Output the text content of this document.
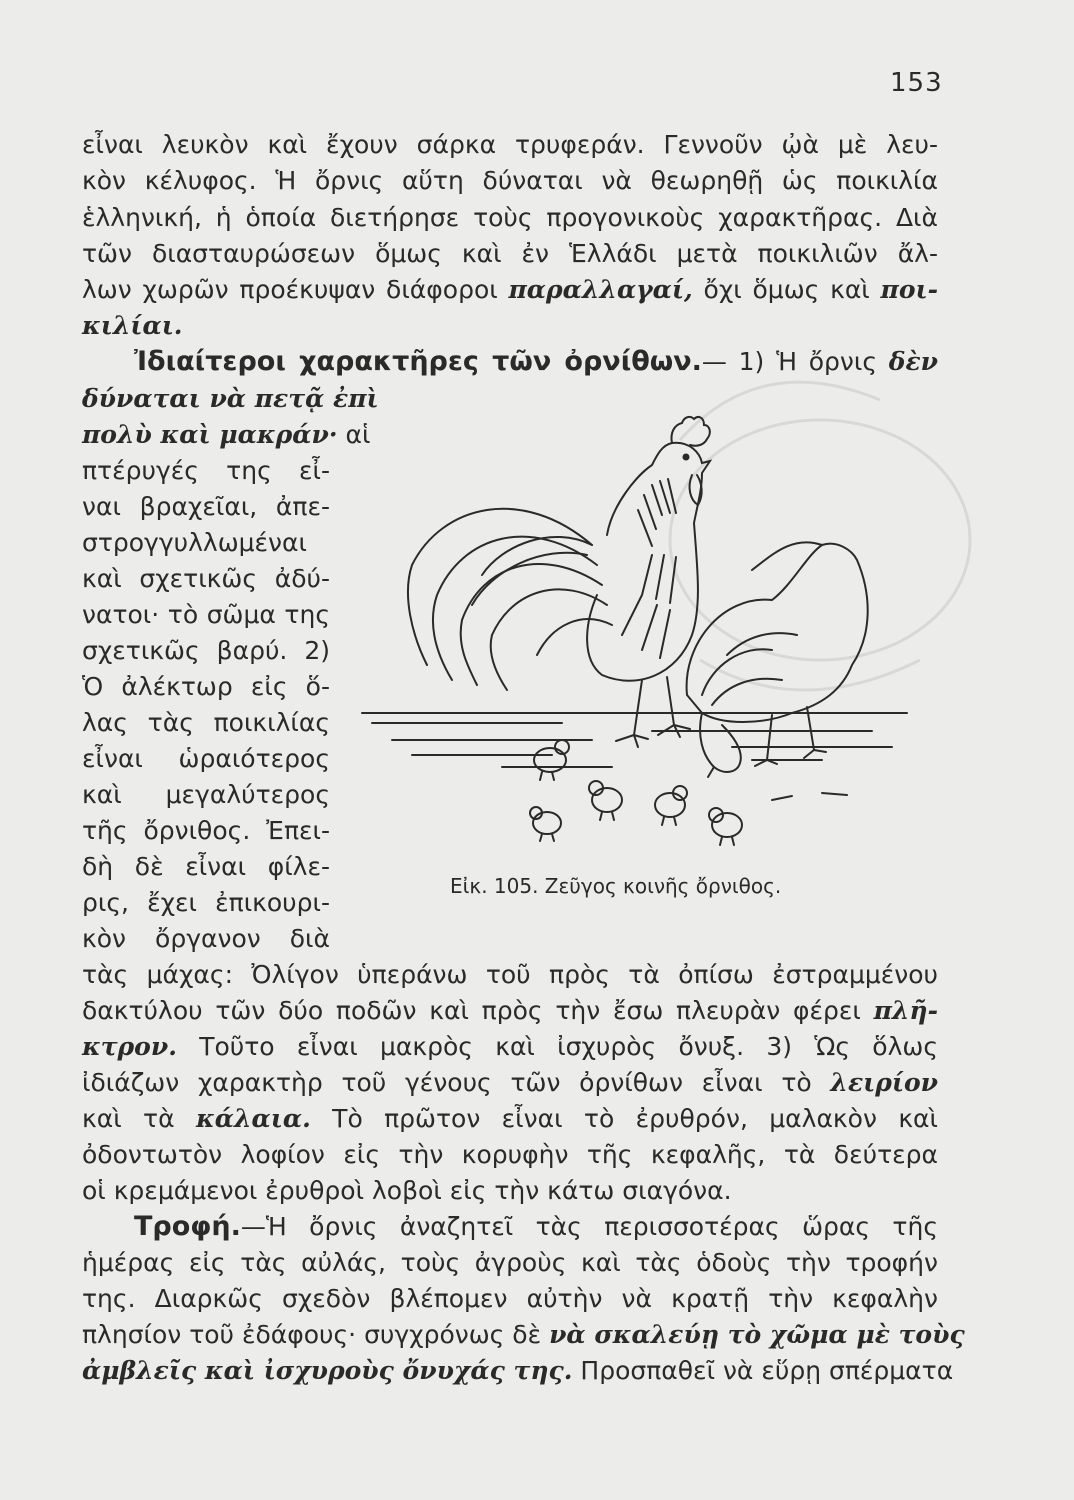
153
εἶναι λευκὸν καὶ ἔχουν σάρκα τρυφεράν. Γεννοῦν ᾠὰ μὲ λευ-
κὸν κέλυφος. Ἡ ὄρνις αὕτη δύναται νὰ θεωρηθῇ ὡς ποικιλία
ἑλληνική, ἡ ὁποία διετήρησε τοὺς προγονικοὺς χαρακτῆρας. Διὰ
τῶν διασταυρώσεων ὅμως καὶ ἐν Ἑλλάδι μετὰ ποικιλιῶν ἄλ-
λων χωρῶν προέκυψαν διάφοροι παραλλαγαί, ὄχι ὅμως καὶ ποι-
κιλίαι.
Ἰδιαίτεροι χαρακτῆρες τῶν ὀρνίθων.— 1) Ἡ ὄρνις δὲν
δύναται νὰ πετᾷ ἐπὶ
πολὺ καὶ μακράν· αἱ
πτέρυγές της εἶ-
ναι βραχεῖαι, ἀπε-
στρογγυλλωμέναι
καὶ σχετικῶς ἀδύ-
νατοι· τὸ σῶμα της
σχετικῶς βαρύ. 2)
Ὁ ἀλέκτωρ εἰς ὅ-
λας τὰς ποικιλίας
εἶναι ὡραιότερος
καὶ μεγαλύτερος
τῆς ὄρνιθος. Ἐπει-
δὴ δὲ εἶναι φίλε-
ρις, ἔχει ἐπικουρι-
κὸν ὄργανον διὰ
Εἰκ. 105. Ζεῦγος κοινῆς ὄρνιθος.
τὰς μάχας: Ὀλίγον ὑπεράνω τοῦ πρὸς τὰ ὀπίσω ἐστραμμένου
δακτύλου τῶν δύο ποδῶν καὶ πρὸς τὴν ἔσω πλευρὰν φέρει πλῆ-
κτρον. Τοῦτο εἶναι μακρὸς καὶ ἰσχυρὸς ὄνυξ. 3) Ὡς ὅλως
ἰδιάζων χαρακτὴρ τοῦ γένους τῶν ὀρνίθων εἶναι τὸ λειρίον
καὶ τὰ κάλαια. Τὸ πρῶτον εἶναι τὸ ἐρυθρόν, μαλακὸν καὶ
ὀδοντωτὸν λοφίον εἰς τὴν κορυφὴν τῆς κεφαλῆς, τὰ δεύτερα
οἱ κρεμάμενοι ἐρυθροὶ λοβοὶ εἰς τὴν κάτω σιαγόνα.
Τροφή.—Ἡ ὄρνις ἀναζητεῖ τὰς περισσοτέρας ὥρας τῆς
ἡμέρας εἰς τὰς αὐλάς, τοὺς ἀγροὺς καὶ τὰς ὁδοὺς τὴν τροφήν
της. Διαρκῶς σχεδὸν βλέπομεν αὐτὴν νὰ κρατῇ τὴν κεφαλὴν
πλησίον τοῦ ἐδάφους· συγχρόνως δὲ νὰ σκαλεύῃ τὸ χῶμα μὲ τοὺς
ἀμβλεῖς καὶ ἰσχυροὺς ὄνυχάς της. Προσπαθεῖ νὰ εὕρῃ σπέρματα
